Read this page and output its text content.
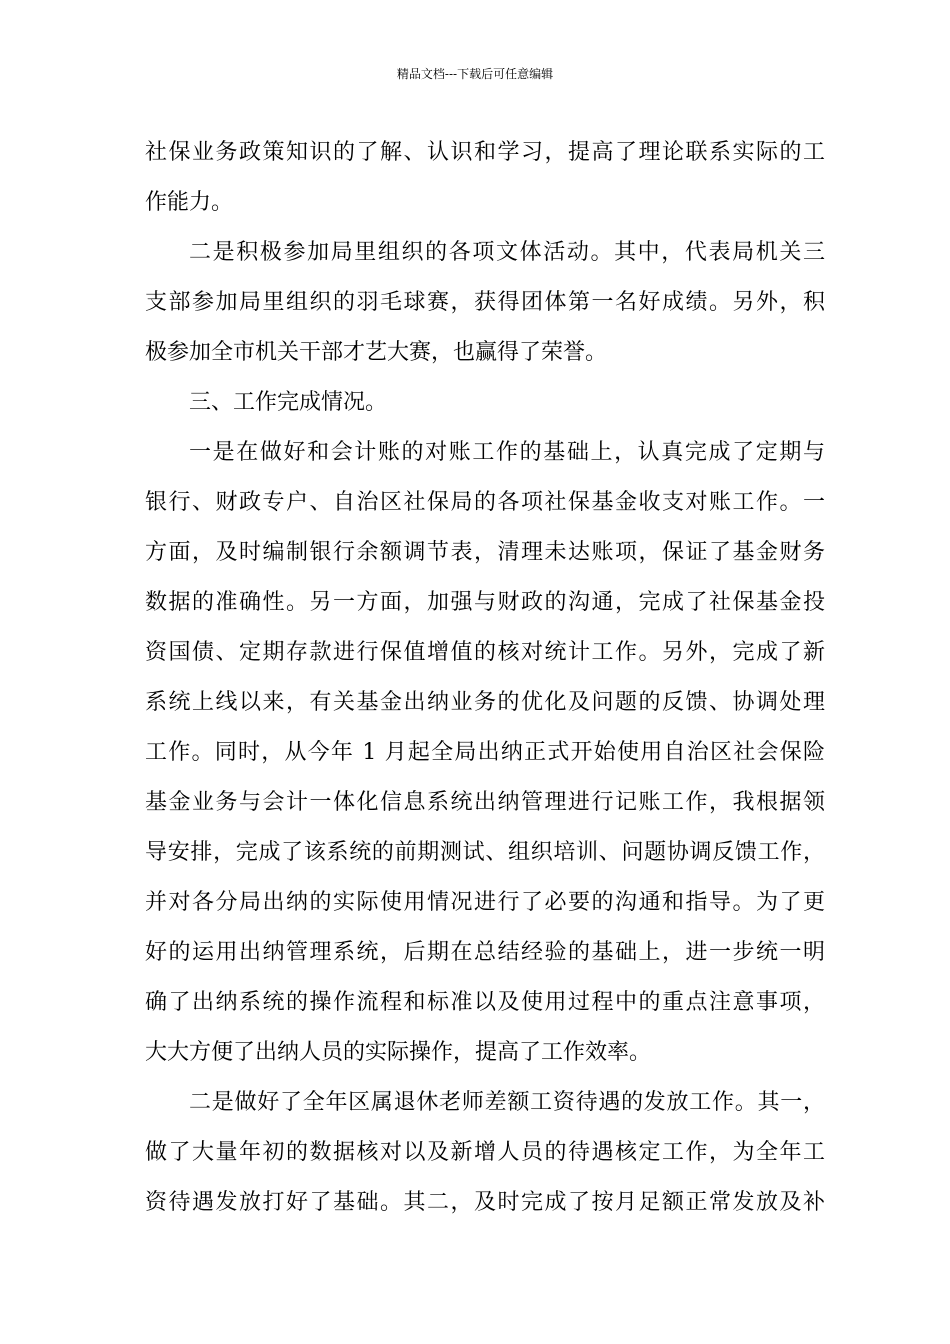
精品文档---下载后可任意编辑
社保业务政策知识的了解、认识和学习，提高了理论联系实际的工
作能力。
二是积极参加局里组织的各项文体活动。其中，代表局机关三
支部参加局里组织的羽毛球赛，获得团体第一名好成绩。另外，积
极参加全市机关干部才艺大赛，也赢得了荣誉。
三、工作完成情况。
一是在做好和会计账的对账工作的基础上，认真完成了定期与
银行、财政专户、自治区社保局的各项社保基金收支对账工作。一
方面，及时编制银行余额调节表，清理未达账项，保证了基金财务
数据的准确性。另一方面，加强与财政的沟通，完成了社保基金投
资国债、定期存款进行保值增值的核对统计工作。另外，完成了新
系统上线以来，有关基金出纳业务的优化及问题的反馈、协调处理
工作。同时，从今年 1 月起全局出纳正式开始使用自治区社会保险
基金业务与会计一体化信息系统出纳管理进行记账工作，我根据领
导安排，完成了该系统的前期测试、组织培训、问题协调反馈工作，
并对各分局出纳的实际使用情况进行了必要的沟通和指导。为了更
好的运用出纳管理系统，后期在总结经验的基础上，进一步统一明
确了出纳系统的操作流程和标准以及使用过程中的重点注意事项，
大大方便了出纳人员的实际操作，提高了工作效率。
二是做好了全年区属退休老师差额工资待遇的发放工作。其一，
做了大量年初的数据核对以及新增人员的待遇核定工作，为全年工
资待遇发放打好了基础。其二，及时完成了按月足额正常发放及补
